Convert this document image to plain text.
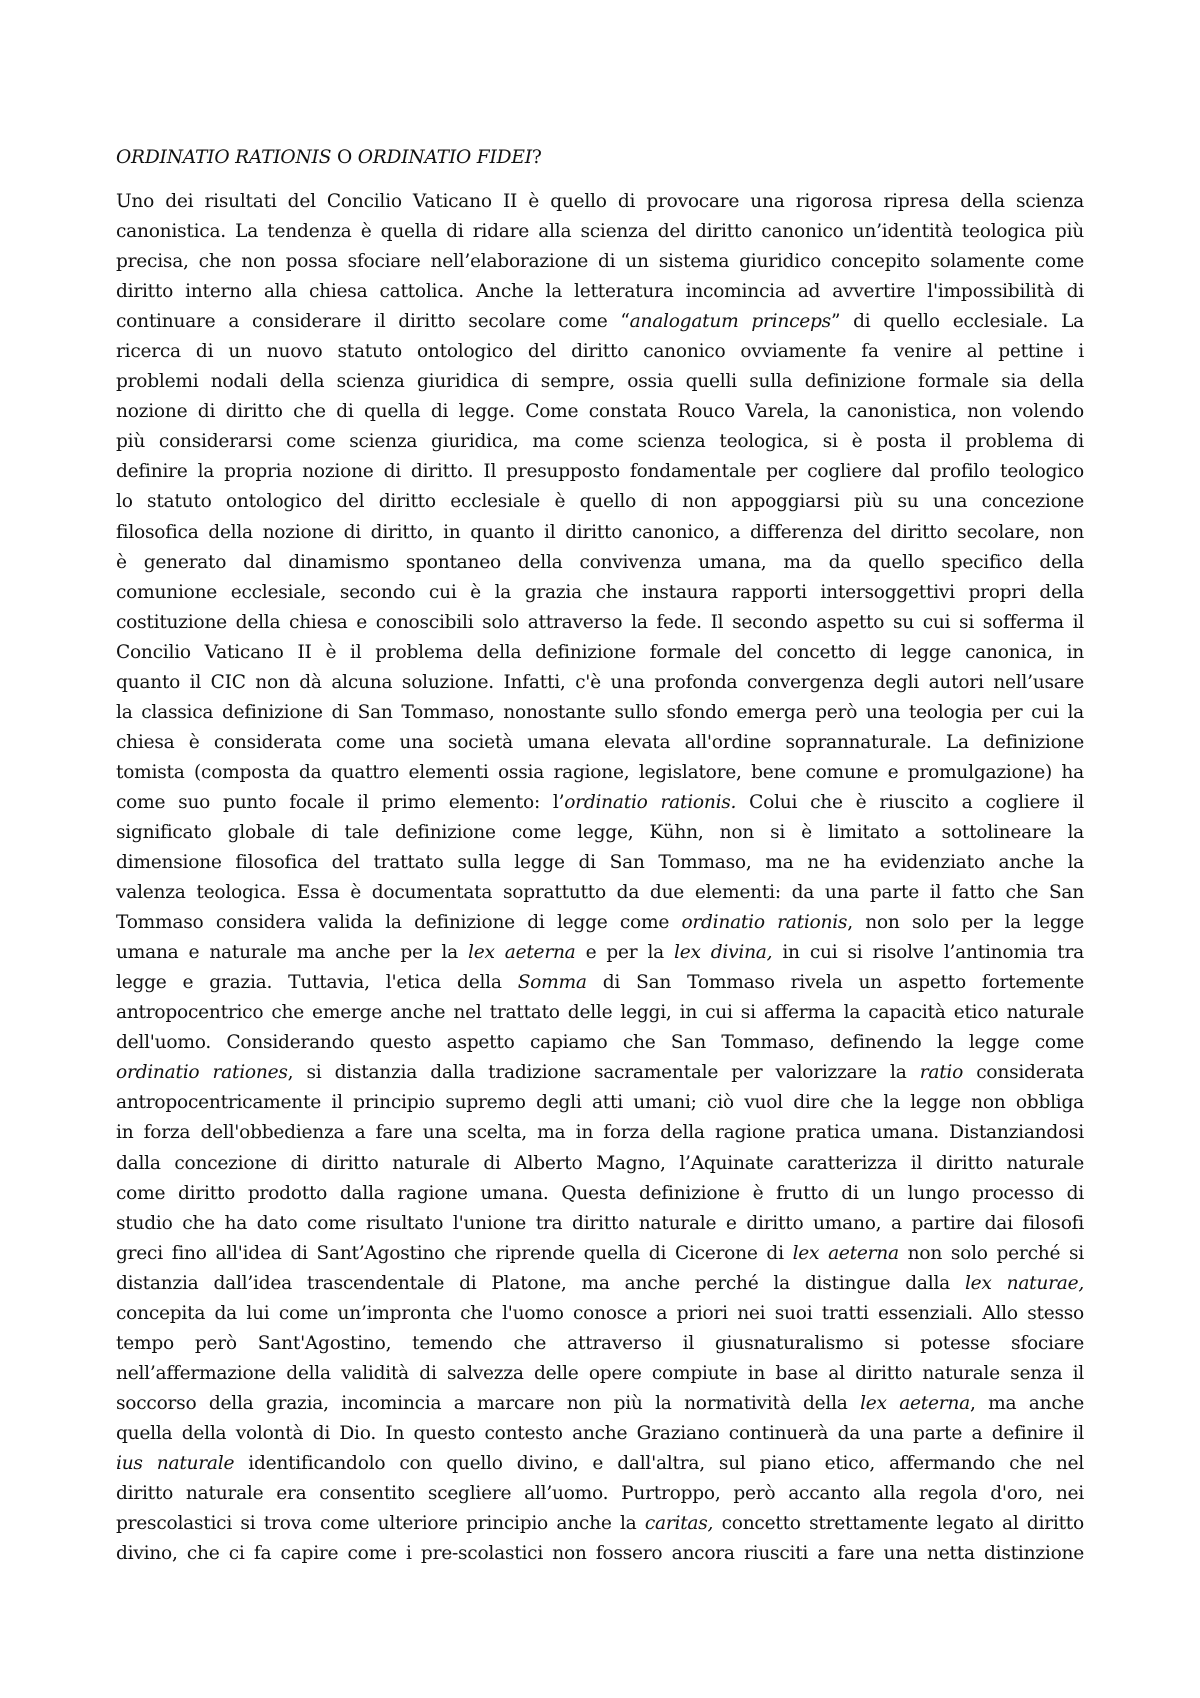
ORDINATIO RATIONIS O ORDINATIO FIDEI?

Uno dei risultati del Concilio Vaticano II è quello di provocare una rigorosa ripresa della scienza
canonistica. La tendenza è quella di ridare alla scienza del diritto canonico un’identità teologica più
precisa, che non possa sfociare nell’elaborazione di un sistema giuridico concepito solamente come
diritto interno alla chiesa cattolica. Anche la letteratura incomincia ad avvertire l'impossibilità di
continuare a considerare il diritto secolare come “analogatum princeps” di quello ecclesiale. La
ricerca di un nuovo statuto ontologico del diritto canonico ovviamente fa venire al pettine i
problemi nodali della scienza giuridica di sempre, ossia quelli sulla definizione formale sia della
nozione di diritto che di quella di legge. Come constata Rouco Varela, la canonistica, non volendo
più considerarsi come scienza giuridica, ma come scienza teologica, si è posta il problema di
definire la propria nozione di diritto. Il presupposto fondamentale per cogliere dal profilo teologico
lo statuto ontologico del diritto ecclesiale è quello di non appoggiarsi più su una concezione
filosofica della nozione di diritto, in quanto il diritto canonico, a differenza del diritto secolare, non
è generato dal dinamismo spontaneo della convivenza umana, ma da quello specifico della
comunione ecclesiale, secondo cui è la grazia che instaura rapporti intersoggettivi propri della
costituzione della chiesa e conoscibili solo attraverso la fede. Il secondo aspetto su cui si sofferma il
Concilio Vaticano II è il problema della definizione formale del concetto di legge canonica, in
quanto il CIC non dà alcuna soluzione. Infatti, c'è una profonda convergenza degli autori nell’usare
la classica definizione di San Tommaso, nonostante sullo sfondo emerga però una teologia per cui la
chiesa è considerata come una società umana elevata all'ordine soprannaturale. La definizione
tomista (composta da quattro elementi ossia ragione, legislatore, bene comune e promulgazione) ha
come suo punto focale il primo elemento: l’ordinatio rationis. Colui che è riuscito a cogliere il
significato globale di tale definizione come legge, Kühn, non si è limitato a sottolineare la
dimensione filosofica del trattato sulla legge di San Tommaso, ma ne ha evidenziato anche la
valenza teologica. Essa è documentata soprattutto da due elementi: da una parte il fatto che San
Tommaso considera valida la definizione di legge come ordinatio rationis, non solo per la legge
umana e naturale ma anche per la lex aeterna e per la lex divina, in cui si risolve l’antinomia tra
legge e grazia. Tuttavia, l'etica della Somma di San Tommaso rivela un aspetto fortemente
antropocentrico che emerge anche nel trattato delle leggi, in cui si afferma la capacità etico naturale
dell'uomo. Considerando questo aspetto capiamo che San Tommaso, definendo la legge come
ordinatio rationes, si distanzia dalla tradizione sacramentale per valorizzare la ratio considerata
antropocentricamente il principio supremo degli atti umani; ciò vuol dire che la legge non obbliga
in forza dell'obbedienza a fare una scelta, ma in forza della ragione pratica umana. Distanziandosi
dalla concezione di diritto naturale di Alberto Magno, l’Aquinate caratterizza il diritto naturale
come diritto prodotto dalla ragione umana. Questa definizione è frutto di un lungo processo di
studio che ha dato come risultato l'unione tra diritto naturale e diritto umano, a partire dai filosofi
greci fino all'idea di Sant’Agostino che riprende quella di Cicerone di lex aeterna non solo perché si
distanzia dall’idea trascendentale di Platone, ma anche perché la distingue dalla lex naturae,
concepita da lui come un’impronta che l'uomo conosce a priori nei suoi tratti essenziali. Allo stesso
tempo però Sant'Agostino, temendo che attraverso il giusnaturalismo si potesse sfociare
nell’affermazione della validità di salvezza delle opere compiute in base al diritto naturale senza il
soccorso della grazia, incomincia a marcare non più la normatività della lex aeterna, ma anche
quella della volontà di Dio. In questo contesto anche Graziano continuerà da una parte a definire il
ius naturale identificandolo con quello divino, e dall'altra, sul piano etico, affermando che nel
diritto naturale era consentito scegliere all’uomo. Purtroppo, però accanto alla regola d'oro, nei
prescolastici si trova come ulteriore principio anche la caritas, concetto strettamente legato al diritto
divino, che ci fa capire come i pre-scolastici non fossero ancora riusciti a fare una netta distinzione
